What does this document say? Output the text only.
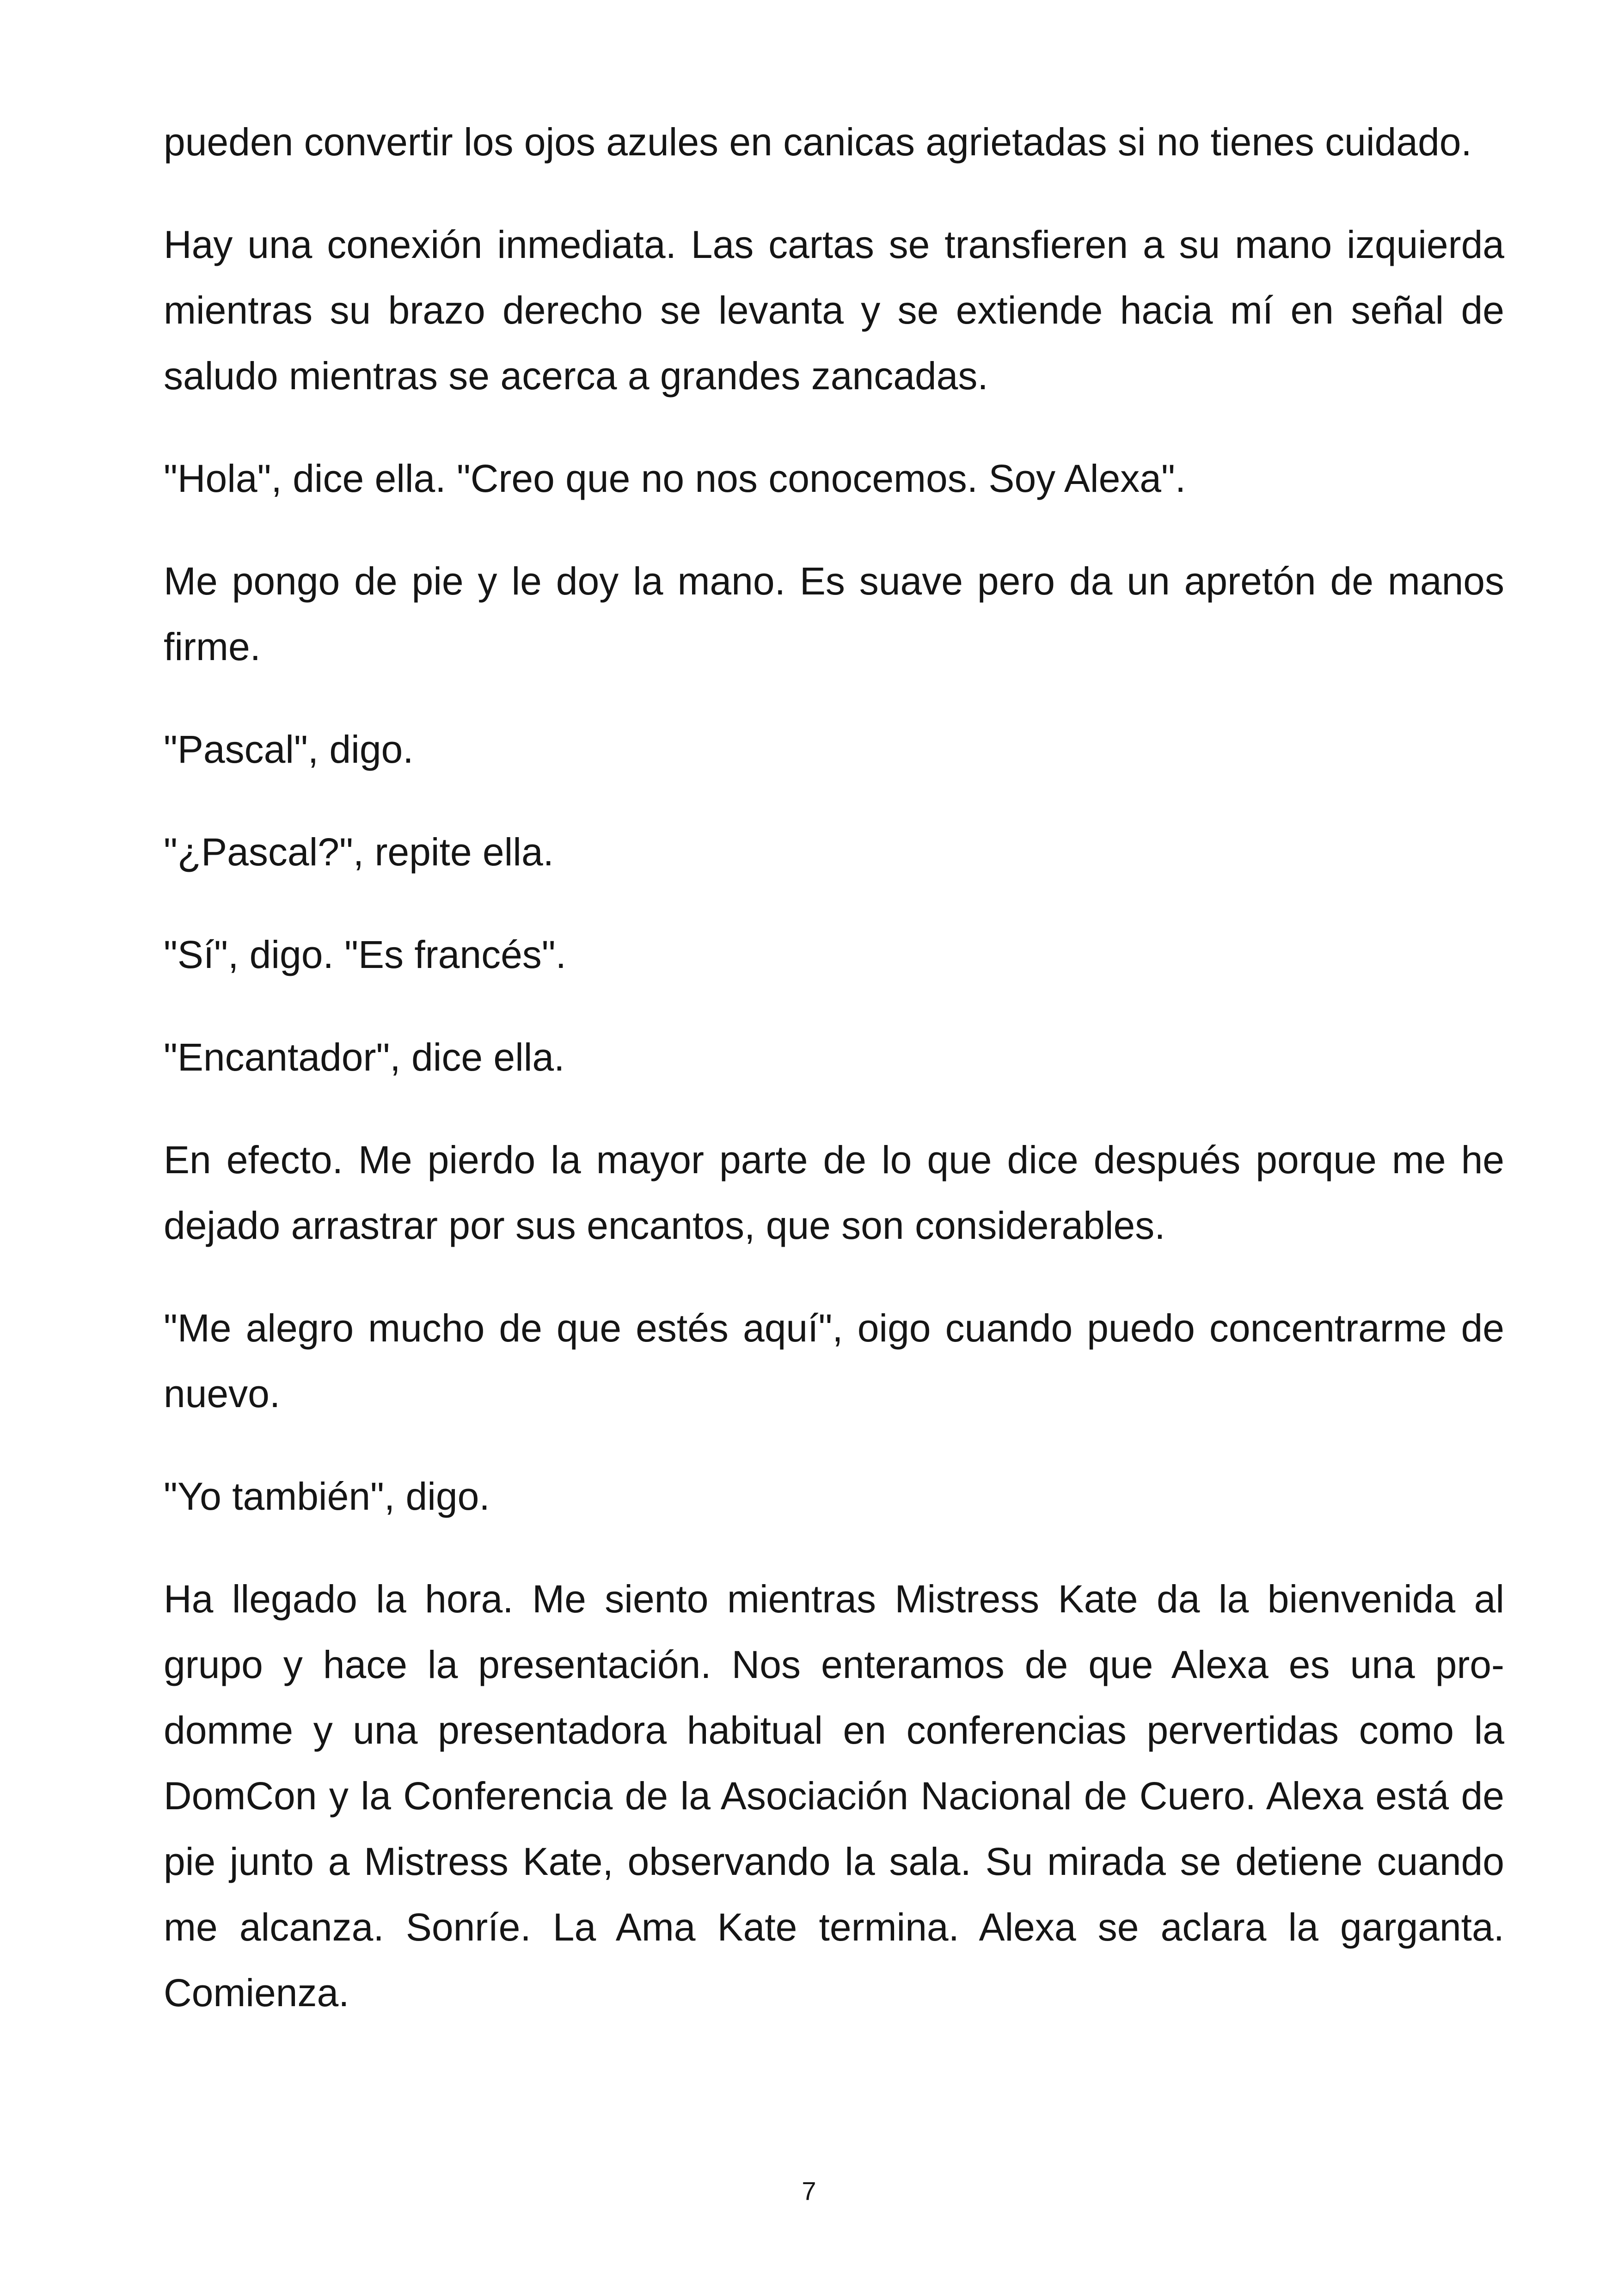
pueden convertir los ojos azules en canicas agrietadas si no tienes cuidado.

Hay una conexión inmediata. Las cartas se transfieren a su mano izquierda mientras su brazo derecho se levanta y se extiende hacia mí en señal de saludo mientras se acerca a grandes zancadas.

"Hola", dice ella. "Creo que no nos conocemos. Soy Alexa".

Me pongo de pie y le doy la mano. Es suave pero da un apretón de manos firme.

"Pascal", digo.

"¿Pascal?", repite ella.

"Sí", digo. "Es francés".

"Encantador", dice ella.

En efecto. Me pierdo la mayor parte de lo que dice después porque me he dejado arrastrar por sus encantos, que son considerables.

"Me alegro mucho de que estés aquí", oigo cuando puedo concentrarme de nuevo.

"Yo también", digo.

Ha llegado la hora. Me siento mientras Mistress Kate da la bienvenida al grupo y hace la presentación. Nos enteramos de que Alexa es una pro-domme y una presentadora habitual en conferencias pervertidas como la DomCon y la Conferencia de la Asociación Nacional de Cuero. Alexa está de pie junto a Mistress Kate, observando la sala. Su mirada se detiene cuando me alcanza. Sonríe. La Ama Kate termina. Alexa se aclara la garganta. Comienza.

7
